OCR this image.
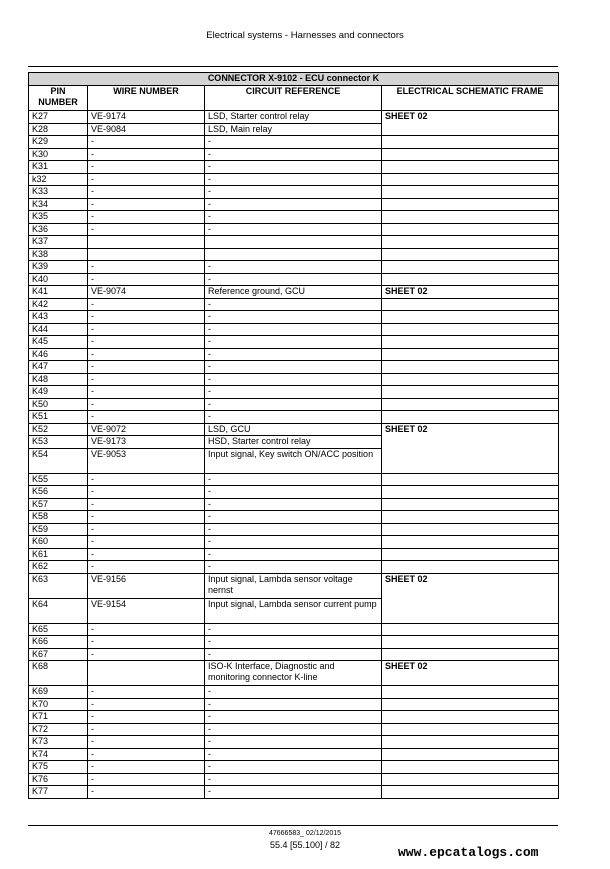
Electrical systems - Harnesses and connectors
CONNECTOR X-9102 - ECU connector K			
PIN NUMBER	WIRE NUMBER	CIRCUIT REFERENCE	ELECTRICAL SCHEMATIC FRAME
K27	VE-9174	LSD, Starter control relay	SHEET 02
K28	VE-9084	LSD, Main relay	
K29	-	-	
K30	-	-	
K31	-	-	
k32	-	-	
K33	-	-	
K34	-	-	
K35	-	-	
K36	-	-	
K37			
K38			
K39	-	-	
K40	-	-	
K41	VE-9074	Reference ground, GCU	SHEET 02
K42	-	-	
K43	-	-	
K44	-	-	
K45	-	-	
K46	-	-	
K47	-	-	
K48	-	-	
K49	-	-	
K50	-	-	
K51	-	-	
K52	VE-9072	LSD, GCU	SHEET 02
K53	VE-9173	HSD, Starter control relay	
K54	VE-9053	Input signal, Key switch ON/ACC position	
K55	-	-	
K56	-	-	
K57	-	-	
K58	-	-	
K59	-	-	
K60	-	-	
K61	-	-	
K62	-	-	
K63	VE-9156	Input signal, Lambda sensor voltage nernst	SHEET 02
K64	VE-9154	Input signal, Lambda sensor current pump	
K65	-	-	
K66	-	-	
K67	-	-	
K68		ISO-K Interface, Diagnostic and monitoring connector K-line	SHEET 02
K69	-	-	
K70	-	-	
K71	-	-	
K72	-	-	
K73	-	-	
K74	-	-	
K75	-	-	
K76	-	-	
K77	-	-	
47666583_ 02/12/2015
55.4 [55.100] / 82	www.epcatalogs.com
